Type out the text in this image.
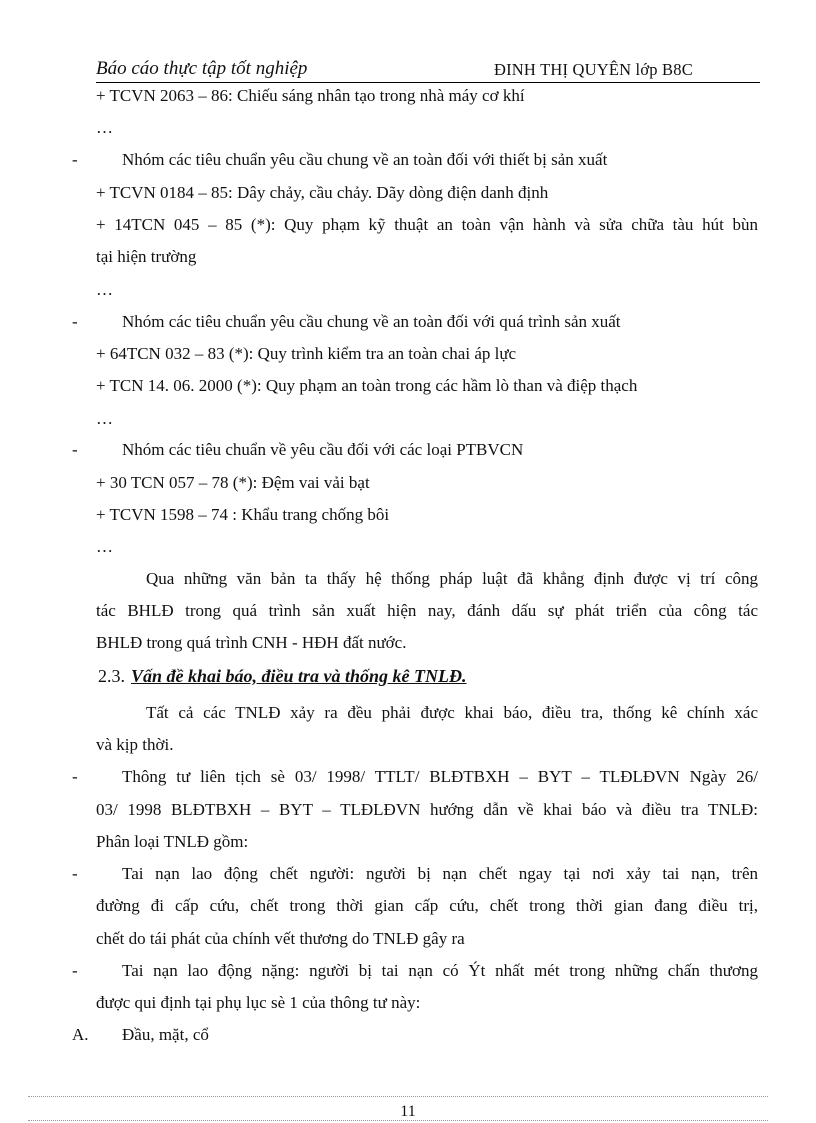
Báo cáo thực tập tốt nghiệp	ĐINH THỊ QUYÊN lớp B8C
+ TCVN 2063 – 86: Chiếu sáng nhân tạo trong nhà máy cơ khí
…
-	Nhóm các tiêu chuẩn yêu cầu chung về an toàn đối với thiết bị sản xuất
+ TCVN 0184 – 85: Dây chảy, cầu chảy. Dãy dòng điện danh định
+ 14TCN 045 – 85 (*): Quy phạm kỹ thuật an toàn vận hành và sửa chữa tàu hút bùn
tại hiện trường
…
-	Nhóm các tiêu chuẩn yêu cầu chung về an toàn đối với quá trình sản xuất
+ 64TCN 032 – 83 (*): Quy trình kiểm tra an toàn chai áp lực
+ TCN 14. 06. 2000 (*): Quy phạm an toàn trong các hầm lò than và điệp thạch
…
-	Nhóm các tiêu chuẩn về yêu cầu đối với các loại PTBVCN
+ 30 TCN 057 – 78 (*): Đệm vai vải bạt
+ TCVN 1598 – 74 : Khẩu trang chống bôi
…
Qua những văn bản ta thấy hệ thống pháp luật đã khẳng định được vị trí công
tác BHLĐ trong quá trình sản xuất hiện nay, đánh dấu sự phát triển của công tác
BHLĐ trong quá trình CNH - HĐH đất nước.
2.3. Vấn đề khai báo, điều tra và thống kê TNLĐ.
Tất cả các TNLĐ xảy ra đều phải được khai báo, điều tra, thống kê chính xác
và kịp thời.
-	Thông tư liên tịch sè 03/ 1998/ TTLT/ BLĐTBXH – BYT – TLĐLĐVN Ngày 26/
03/ 1998 BLĐTBXH – BYT – TLĐLĐVN hướng dẫn về khai báo và điều tra TNLĐ:
Phân loại TNLĐ gồm:
-	Tai nạn lao động chết người: người bị nạn chết ngay tại nơi xảy tai nạn, trên
đường đi cấp cứu, chết trong thời gian cấp cứu, chết trong thời gian đang điều trị,
chết do tái phát của chính vết thương do TNLĐ gây ra
-	Tai nạn lao động nặng: người bị tai nạn có Ýt nhất mét trong những chấn thương
được qui định tại phụ lục sè 1 của thông tư này:
A. Đầu, mặt, cổ
11
